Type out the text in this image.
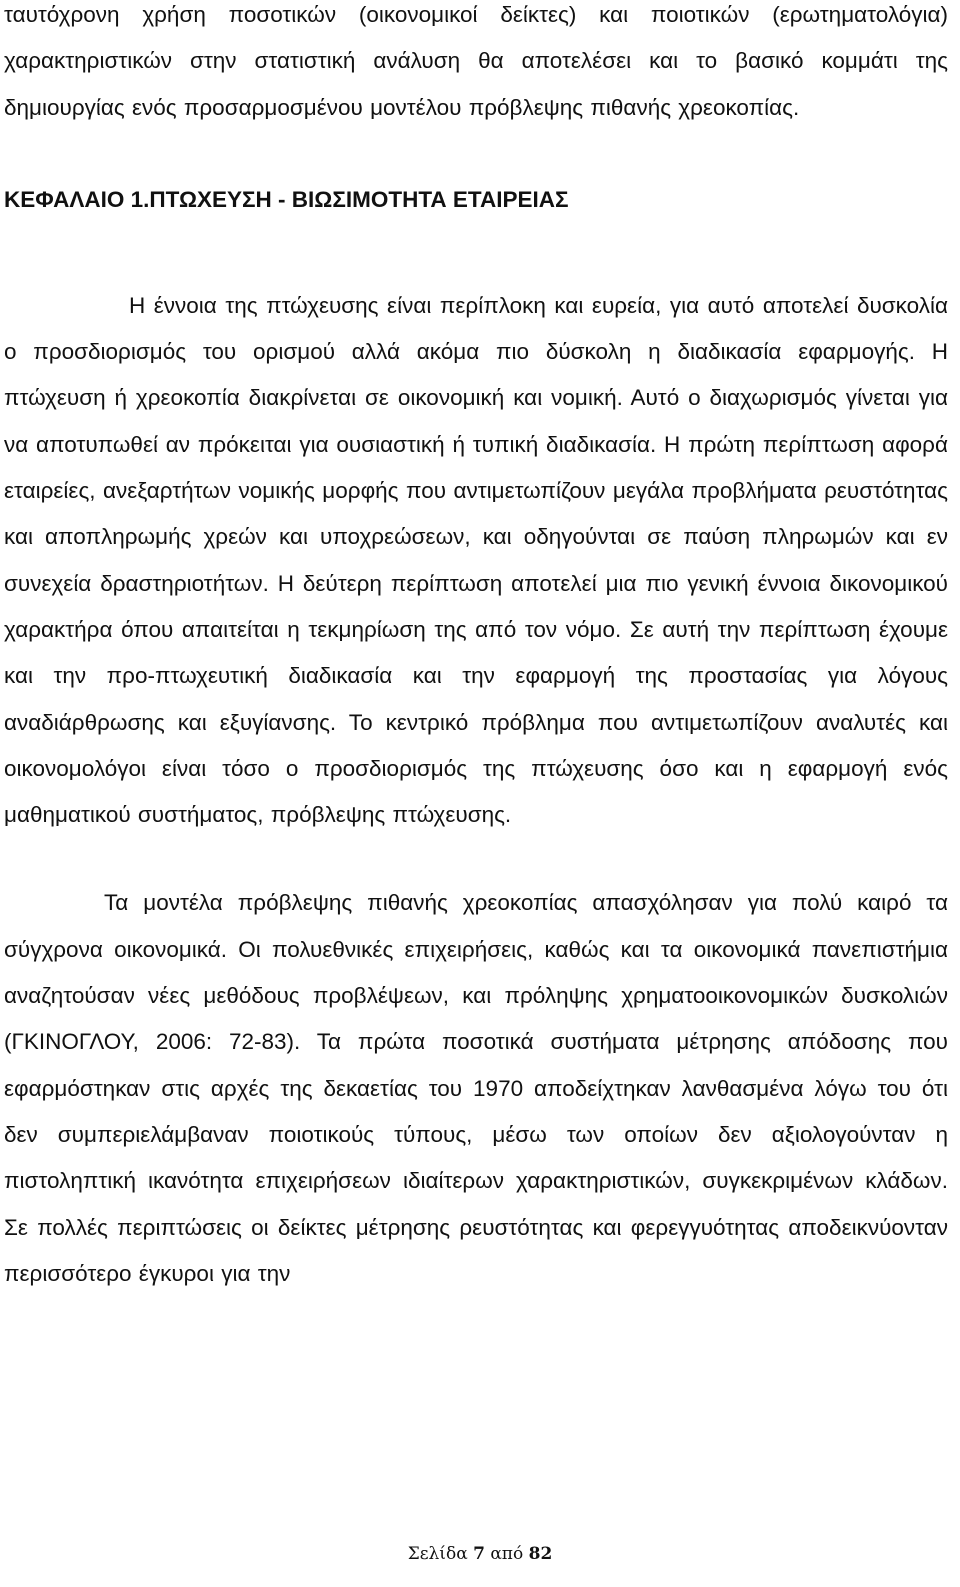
ταυτόχρονη χρήση ποσοτικών (οικονομικοί δείκτες) και ποιοτικών (ερωτηματολόγια) χαρακτηριστικών στην στατιστική ανάλυση θα αποτελέσει και το βασικό κομμάτι της δημιουργίας ενός προσαρμοσμένου μοντέλου πρόβλεψης πιθανής χρεοκοπίας.

ΚΕΦΑΛΑΙΟ 1.ΠΤΩΧΕΥΣΗ - ΒΙΩΣΙΜΟΤΗΤΑ ΕΤΑΙΡΕΙΑΣ

Η έννοια της πτώχευσης είναι περίπλοκη και ευρεία, για αυτό αποτελεί δυσκολία ο προσδιορισμός του ορισμού αλλά ακόμα πιο δύσκολη η διαδικασία εφαρμογής. Η πτώχευση ή χρεοκοπία διακρίνεται σε οικονομική και νομική. Αυτό ο διαχωρισμός γίνεται για να αποτυπωθεί αν πρόκειται για ουσιαστική ή τυπική διαδικασία. Η πρώτη περίπτωση αφορά εταιρείες, ανεξαρτήτων νομικής μορφής που αντιμετωπίζουν μεγάλα προβλήματα ρευστότητας και αποπληρωμής χρεών και υποχρεώσεων, και οδηγούνται σε παύση πληρωμών και εν συνεχεία δραστηριοτήτων. Η δεύτερη περίπτωση αποτελεί μια πιο γενική έννοια δικονομικού χαρακτήρα όπου απαιτείται η τεκμηρίωση της από τον νόμο. Σε αυτή την περίπτωση έχουμε και την προ-πτωχευτική διαδικασία και την εφαρμογή της προστασίας για λόγους αναδιάρθρωσης και εξυγίανσης. Το κεντρικό πρόβλημα που αντιμετωπίζουν αναλυτές και οικονομολόγοι είναι τόσο ο προσδιορισμός της πτώχευσης όσο και η εφαρμογή ενός μαθηματικού συστήματος, πρόβλεψης πτώχευσης.

Τα μοντέλα πρόβλεψης πιθανής χρεοκοπίας απασχόλησαν για πολύ καιρό τα σύγχρονα οικονομικά. Οι πολυεθνικές επιχειρήσεις, καθώς και τα οικονομικά πανεπιστήμια αναζητούσαν νέες μεθόδους προβλέψεων, και πρόληψης χρηματοοικονομικών δυσκολιών (ΓΚΙΝΟΓΛΟΥ, 2006: 72-83). Τα πρώτα ποσοτικά συστήματα μέτρησης απόδοσης που εφαρμόστηκαν στις αρχές της δεκαετίας του 1970 αποδείχτηκαν λανθασμένα λόγω του ότι δεν συμπεριελάμβαναν ποιοτικούς τύπους, μέσω των οποίων δεν αξιολογούνταν η πιστοληπτική ικανότητα επιχειρήσεων ιδιαίτερων χαρακτηριστικών, συγκεκριμένων κλάδων. Σε πολλές περιπτώσεις οι δείκτες μέτρησης ρευστότητας και φερεγγυότητας αποδεικνύονταν περισσότερο έγκυροι για την

Σελίδα 7 από 82
